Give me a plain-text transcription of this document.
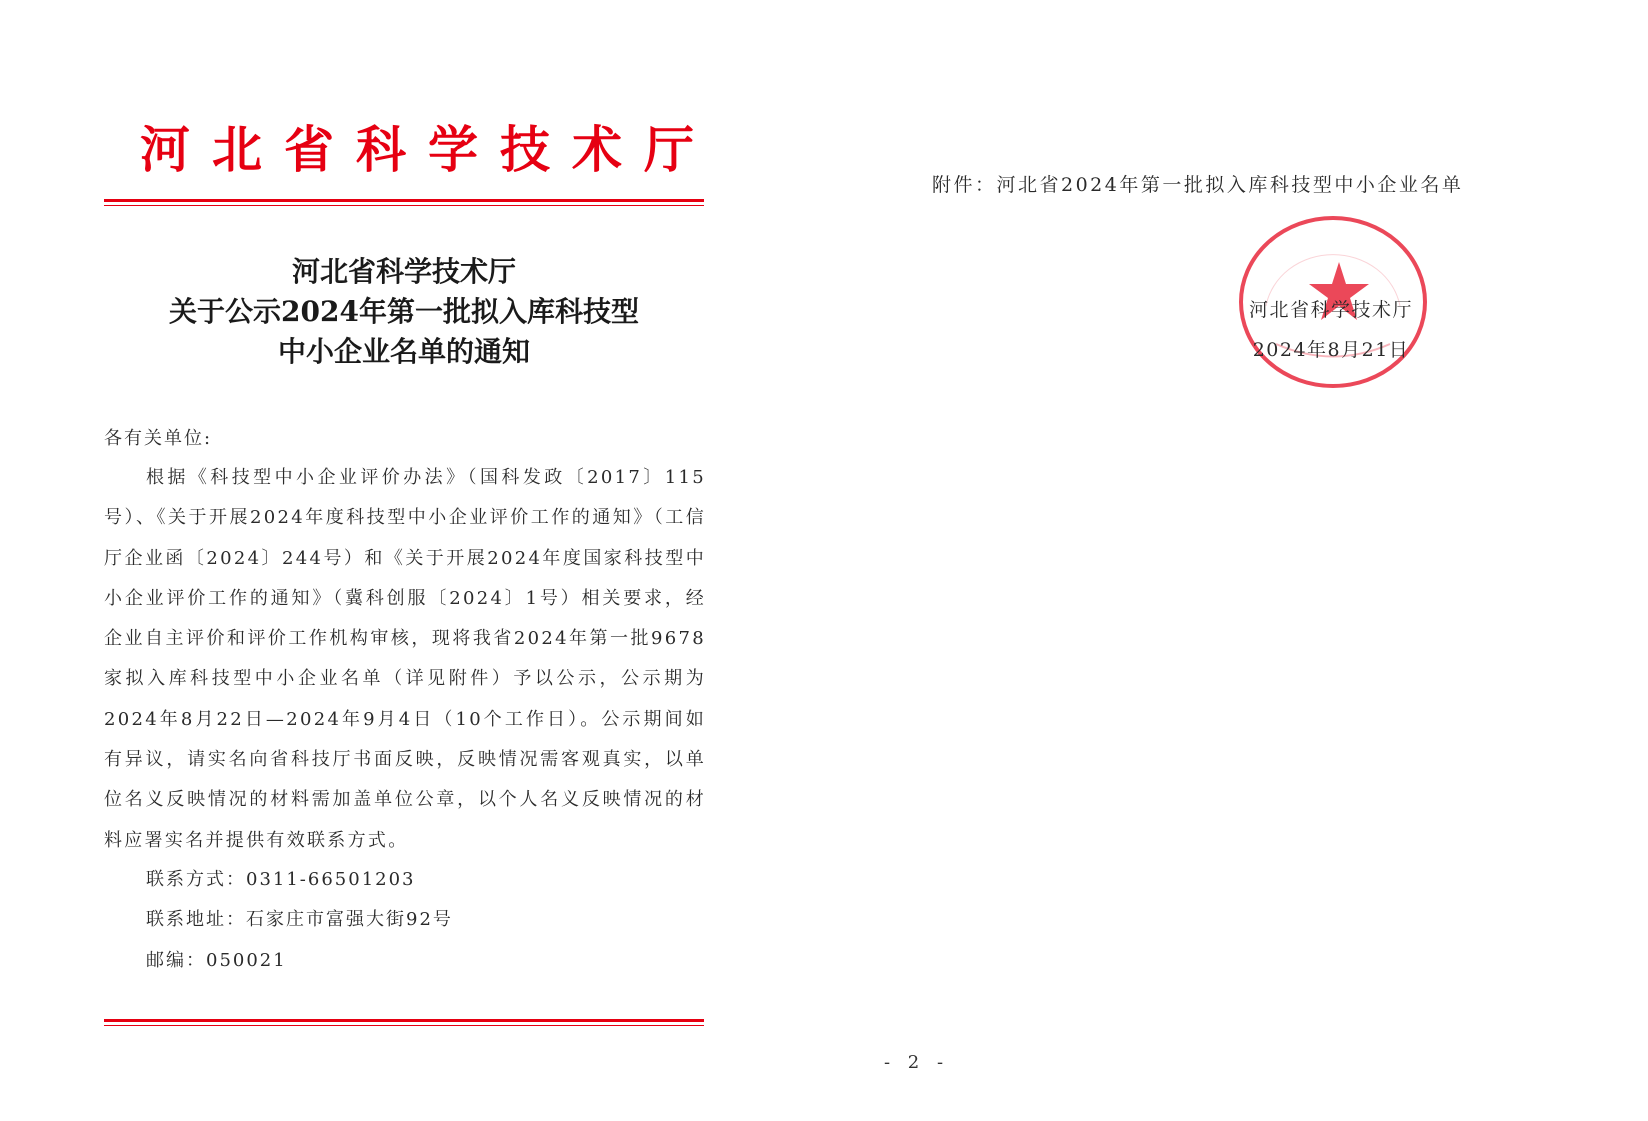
河北省科学技术厅
河北省科学技术厅
关于公示2024年第一批拟入库科技型
中小企业名单的通知
各有关单位:
根据《科技型中小企业评价办法》（国科发政〔2017〕115号）、《关于开展2024年度科技型中小企业评价工作的通知》（工信厅企业函〔2024〕244号）和《关于开展2024年度国家科技型中小企业评价工作的通知》（冀科创服〔2024〕1号）相关要求，经企业自主评价和评价工作机构审核，现将我省2024年第一批9678家拟入库科技型中小企业名单（详见附件）予以公示，公示期为2024年8月22日—2024年9月4日（10个工作日）。公示期间如有异议，请实名向省科技厅书面反映，反映情况需客观真实，以单位名义反映情况的材料需加盖单位公章，以个人名义反映情况的材料应署实名并提供有效联系方式。
联系方式：0311-66501203
联系地址：石家庄市富强大街92号
邮编：050021
附件：河北省2024年第一批拟入库科技型中小企业名单
河北省科学技术厅
2024年8月21日
- 2 -
